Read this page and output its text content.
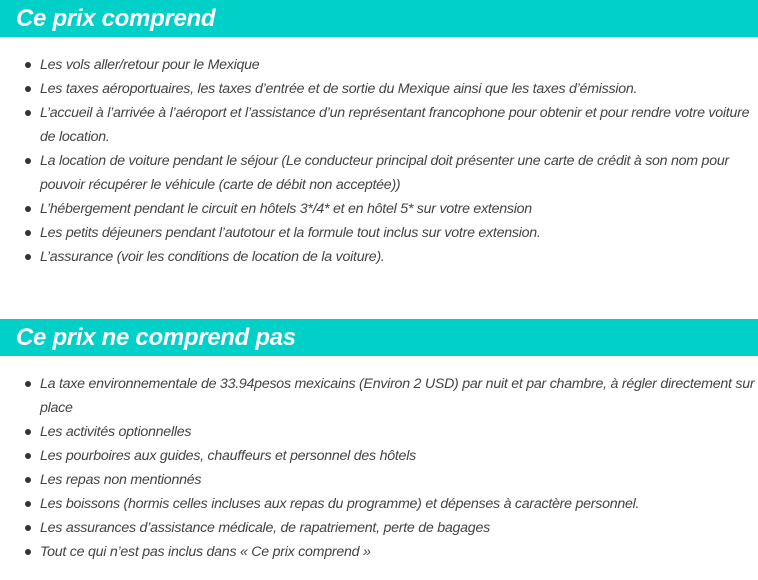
Ce prix comprend
Les vols aller/retour pour le Mexique
Les taxes aéroportuaires, les taxes d’entrée et de sortie du Mexique ainsi que les taxes d’émission.
L’accueil à l’arrivée à l’aéroport et l’assistance d’un représentant francophone pour obtenir et pour rendre votre voiture de location.
La location de voiture pendant le séjour (Le conducteur principal doit présenter une carte de crédit à son nom pour pouvoir récupérer le véhicule (carte de débit non acceptée))
L’hébergement pendant le circuit en hôtels 3*/4* et en hôtel 5* sur votre extension
Les petits déjeuners pendant l’autotour et la formule tout inclus sur votre extension.
L’assurance (voir les conditions de location de la voiture).
Ce prix ne comprend pas
La taxe environnementale de 33.94pesos mexicains (Environ 2 USD) par nuit et par chambre, à régler directement sur place
Les activités optionnelles
Les pourboires aux guides, chauffeurs et personnel des hôtels
Les repas non mentionnés
Les boissons (hormis celles incluses aux repas du programme) et dépenses à caractère personnel.
Les assurances d’assistance médicale, de rapatriement, perte de bagages
Tout ce qui n’est pas inclus dans « Ce prix comprend »
